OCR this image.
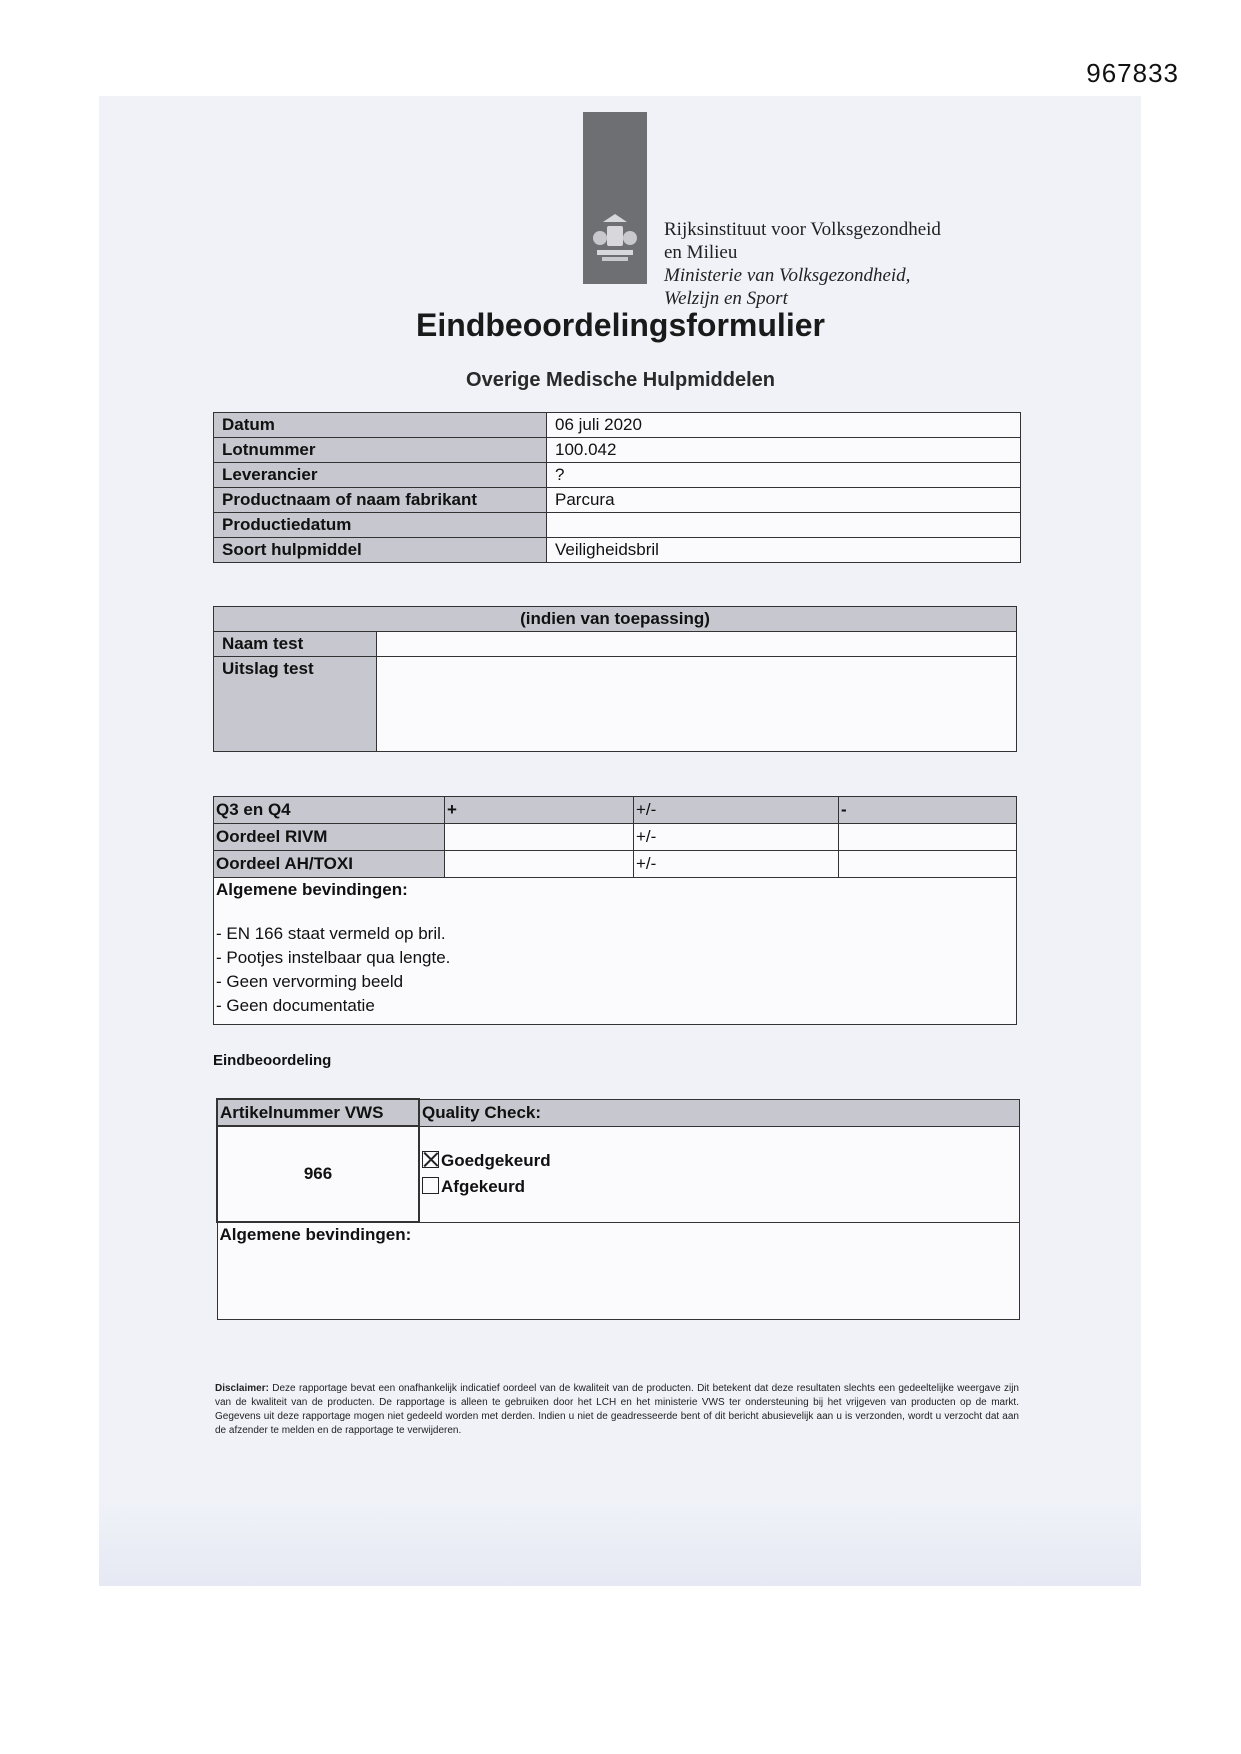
967833
Rijksinstituut voor Volksgezondheid
en Milieu
Ministerie van Volksgezondheid,
Welzijn en Sport
Eindbeoordelingsformulier
Overige Medische Hulpmiddelen
Datum	06 juli 2020
Lotnummer	100.042
Leverancier	?
Productnaam of naam fabrikant	Parcura
Productiedatum	
Soort hulpmiddel	Veiligheidsbril
(indien van toepassing)	
Naam test	
Uitslag test	
Q3 en Q4	+	+/-	-
Oordeel RIVM		+/-	
Oordeel AH/TOXI		+/-	

Algemene bevindingen:
- EN 166 staat vermeld op bril.
- Pootjes instelbaar qua lengte.
- Geen vervorming beeld
- Geen documentatie			
Eindbeoordeling
Artikelnummer VWS	Quality Check:
966	Goedgekeurd
Afgekeurd

Algemene bevindingen:	
Disclaimer: Deze rapportage bevat een onafhankelijk indicatief oordeel van de kwaliteit van de producten. Dit betekent dat deze resultaten slechts een gedeeltelijke weergave zijn van de kwaliteit van de producten. De rapportage is alleen te gebruiken door het LCH en het ministerie VWS ter ondersteuning bij het vrijgeven van producten op de markt. Gegevens uit deze rapportage mogen niet gedeeld worden met derden. Indien u niet de geadresseerde bent of dit bericht abusievelijk aan u is verzonden, wordt u verzocht dat aan de afzender te melden en de rapportage te verwijderen.
